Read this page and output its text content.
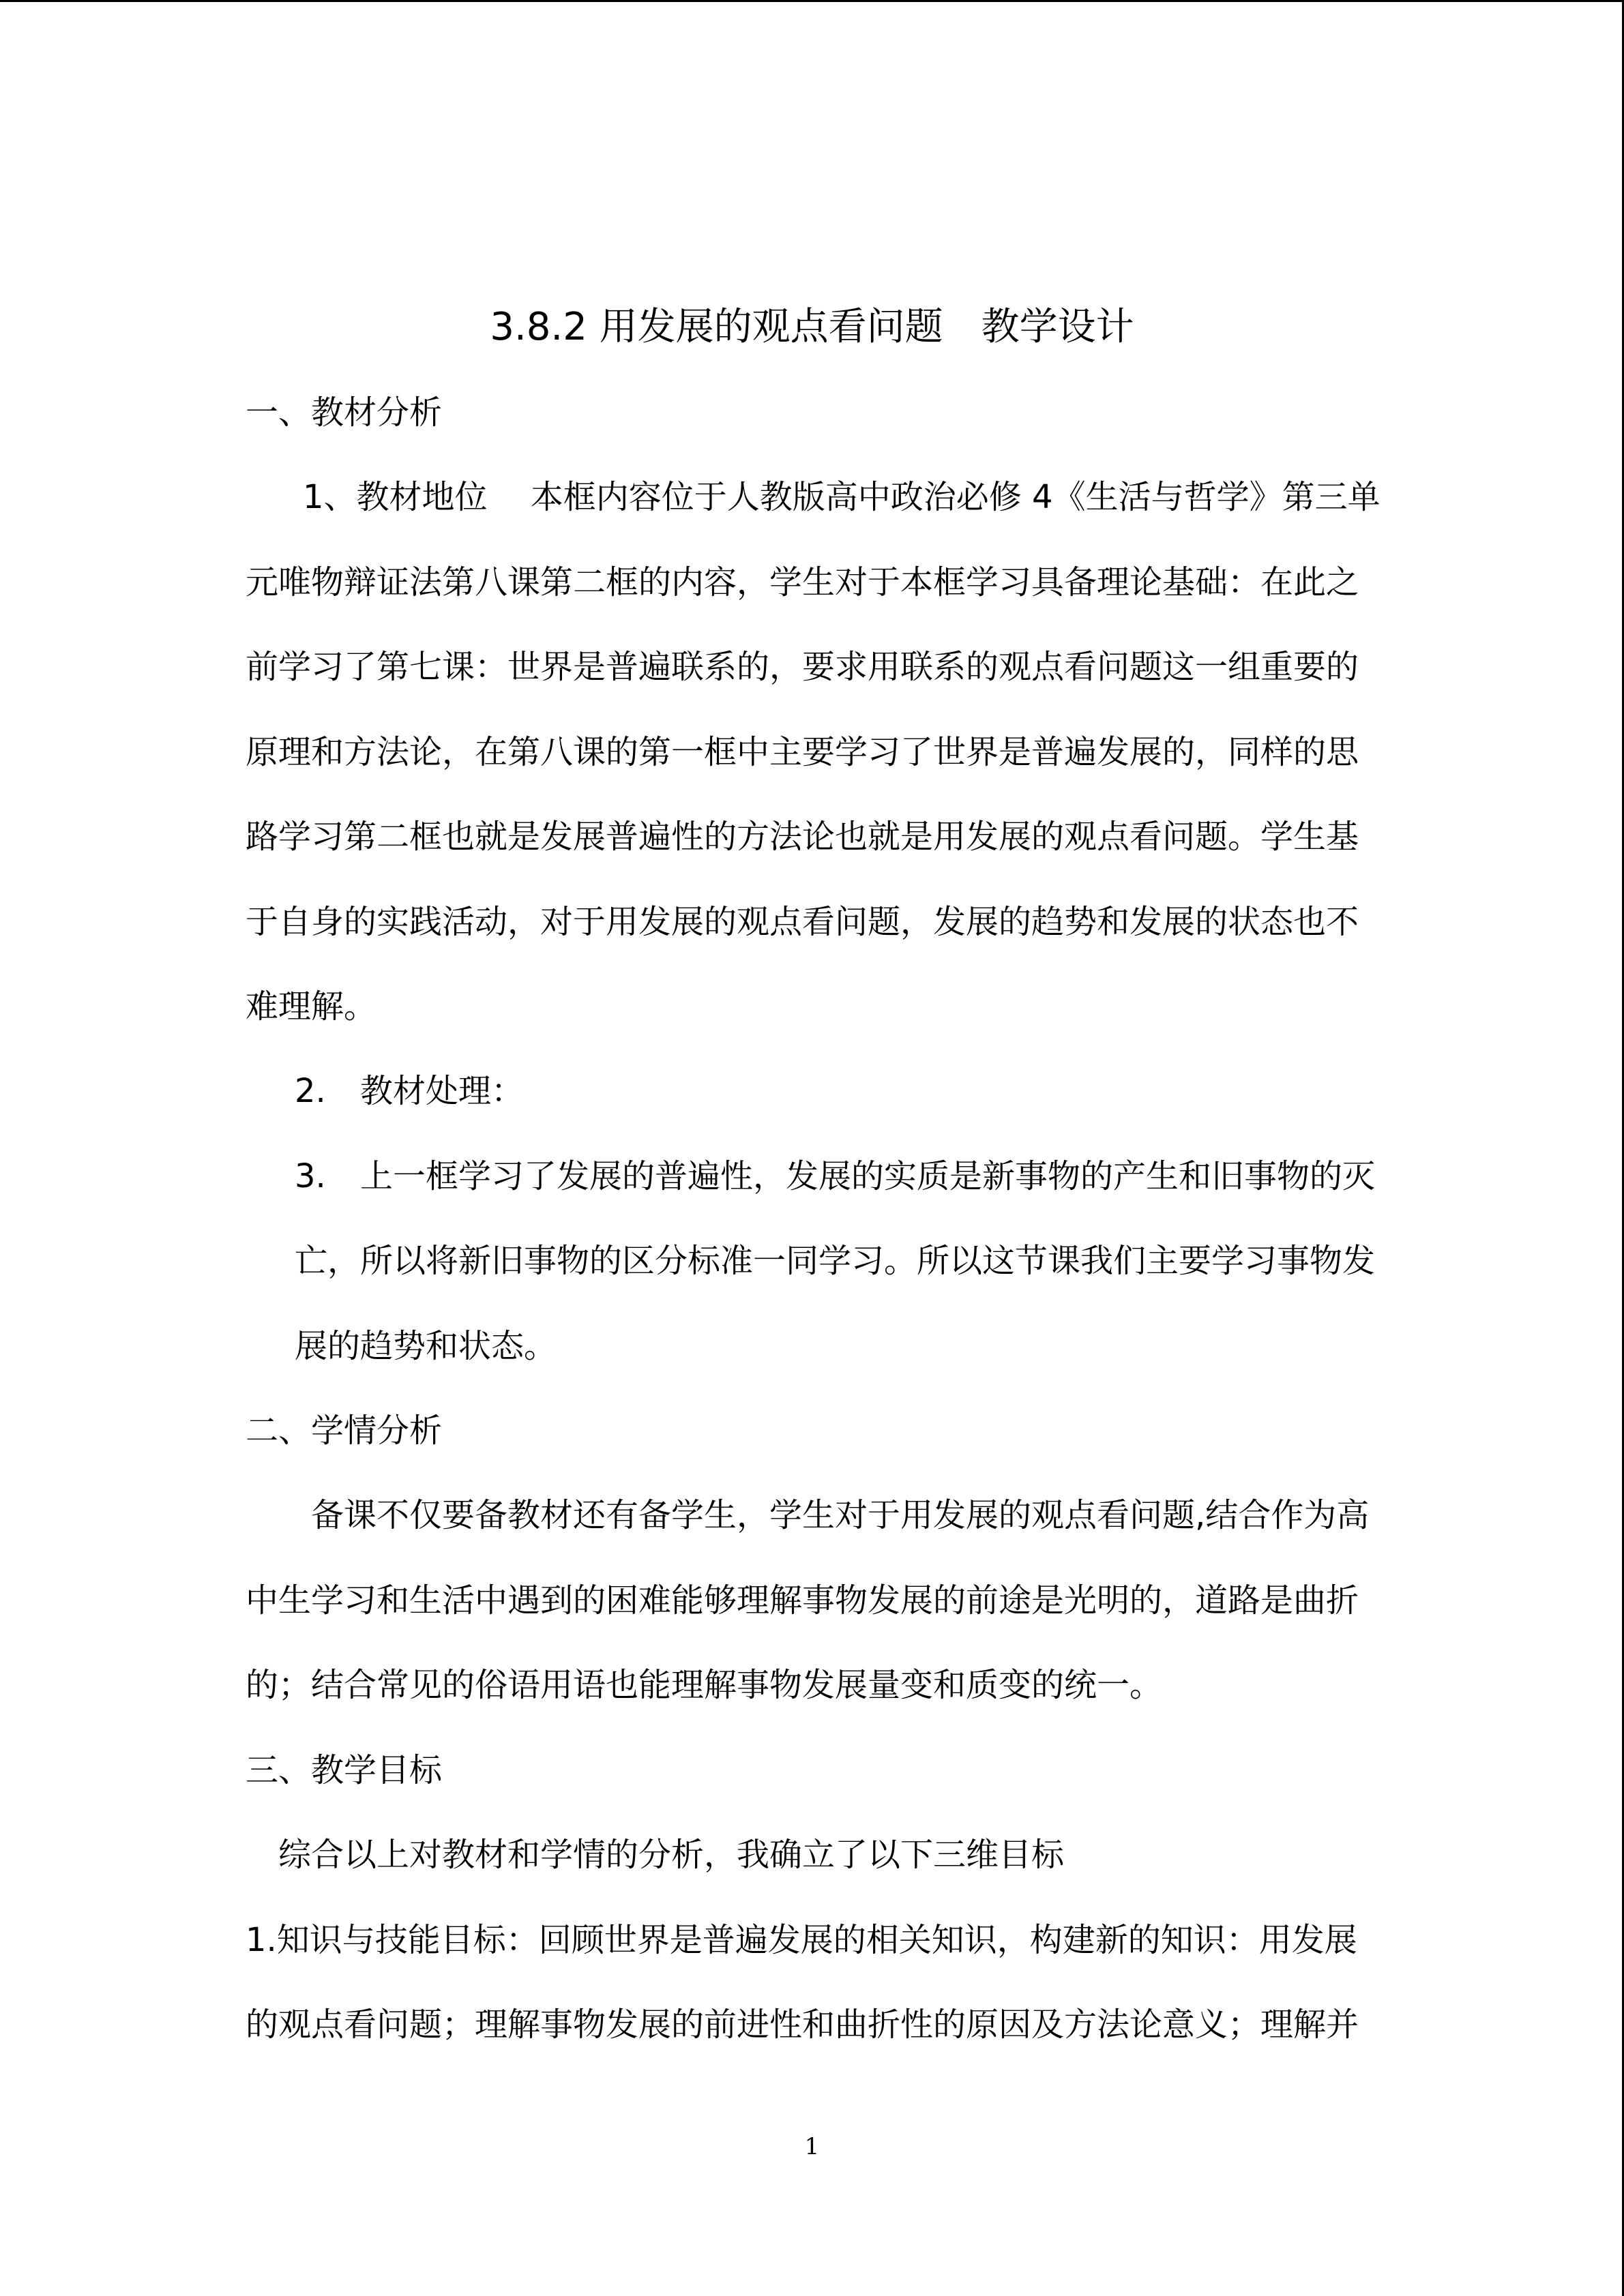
3.8.2 用发展的观点看问题　教学设计
一、教材分析
1、教材地位　 本框内容位于人教版高中政治必修 4《生活与哲学》第三单
元唯物辩证法第八课第二框的内容，学生对于本框学习具备理论基础：在此之
前学习了第七课：世界是普遍联系的，要求用联系的观点看问题这一组重要的
原理和方法论，在第八课的第一框中主要学习了世界是普遍发展的，同样的思
路学习第二框也就是发展普遍性的方法论也就是用发展的观点看问题。学生基
于自身的实践活动，对于用发展的观点看问题，发展的趋势和发展的状态也不
难理解。
2. 教材处理：
3. 上一框学习了发展的普遍性，发展的实质是新事物的产生和旧事物的灭
亡，所以将新旧事物的区分标准一同学习。所以这节课我们主要学习事物发
展的趋势和状态。
二、学情分析
备课不仅要备教材还有备学生，学生对于用发展的观点看问题,结合作为高
中生学习和生活中遇到的困难能够理解事物发展的前途是光明的，道路是曲折
的；结合常见的俗语用语也能理解事物发展量变和质变的统一。
三、教学目标
综合以上对教材和学情的分析，我确立了以下三维目标
1.知识与技能目标：回顾世界是普遍发展的相关知识，构建新的知识：用发展
的观点看问题；理解事物发展的前进性和曲折性的原因及方法论意义；理解并
1
